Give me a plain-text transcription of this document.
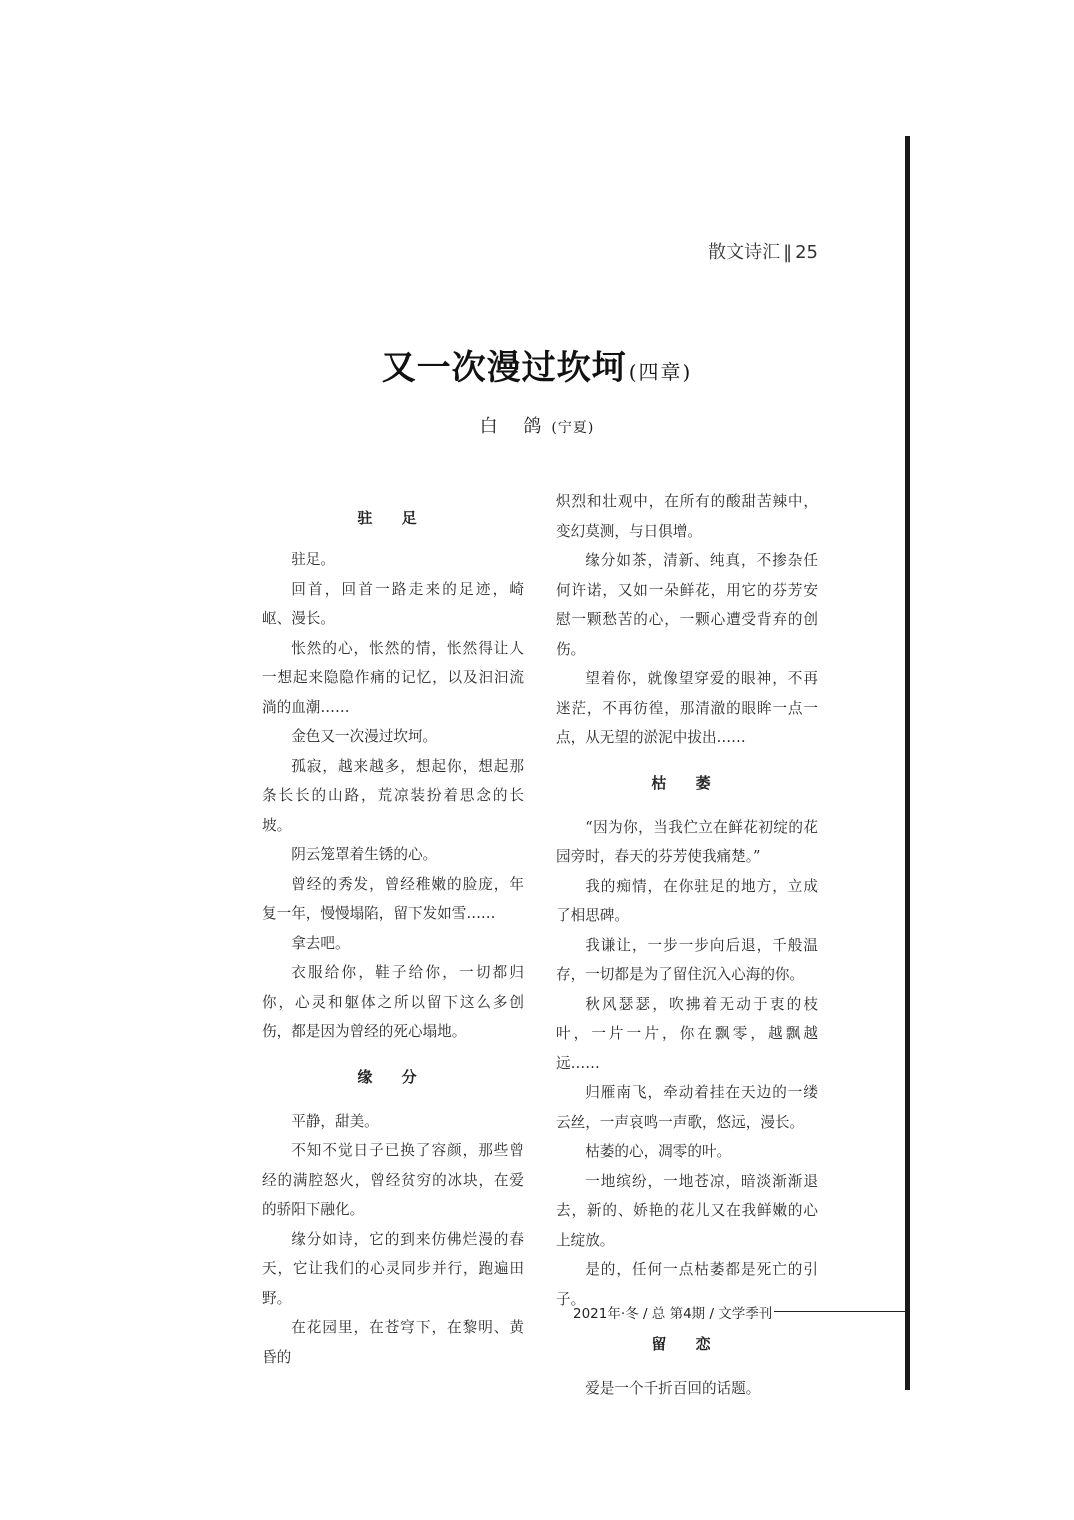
散文诗汇 ‖ 25
又一次漫过坎坷 (四章)
白 鸽(宁夏)
驻 足

驻足。

回首，回首一路走来的足迹，崎岖、漫长。

怅然的心，怅然的情，怅然得让人一想起来隐隐作痛的记忆，以及汩汩流淌的血潮……

金色又一次漫过坎坷。

孤寂，越来越多，想起你，想起那条长长的山路，荒凉装扮着思念的长坡。

阴云笼罩着生锈的心。

曾经的秀发，曾经稚嫩的脸庞，年复一年，慢慢塌陷，留下发如雪……

拿去吧。

衣服给你，鞋子给你，一切都归你，心灵和躯体之所以留下这么多创伤，都是因为曾经的死心塌地。

缘 分

平静，甜美。

不知不觉日子已换了容颜，那些曾经的满腔怒火，曾经贫穷的冰块，在爱的骄阳下融化。

缘分如诗，它的到来仿佛烂漫的春天，它让我们的心灵同步并行，跑遍田野。

在花园里，在苍穹下，在黎明、黄昏的

炽烈和壮观中，在所有的酸甜苦辣中，变幻莫测，与日俱增。

缘分如茶，清新、纯真，不掺杂任何许诺，又如一朵鲜花，用它的芬芳安慰一颗愁苦的心，一颗心遭受背弃的创伤。

望着你，就像望穿爱的眼神，不再迷茫，不再彷徨，那清澈的眼眸一点一点，从无望的淤泥中拔出……

枯 萎

“因为你，当我伫立在鲜花初绽的花园旁时，春天的芬芳使我痛楚。”

我的痴情，在你驻足的地方，立成了相思碑。

我谦让，一步一步向后退，千般温存，一切都是为了留住沉入心海的你。

秋风瑟瑟，吹拂着无动于衷的枝叶，一片一片，你在飘零，越飘越远……

归雁南飞，牵动着挂在天边的一缕云丝，一声哀鸣一声歌，悠远，漫长。

枯萎的心，凋零的叶。

一地缤纷，一地苍凉，暗淡渐渐退去，新的、娇艳的花儿又在我鲜嫩的心上绽放。

是的，任何一点枯萎都是死亡的引子。

留 恋

爱是一个千折百回的话题。

2021年·冬 / 总 第4期 / 文学季刊
